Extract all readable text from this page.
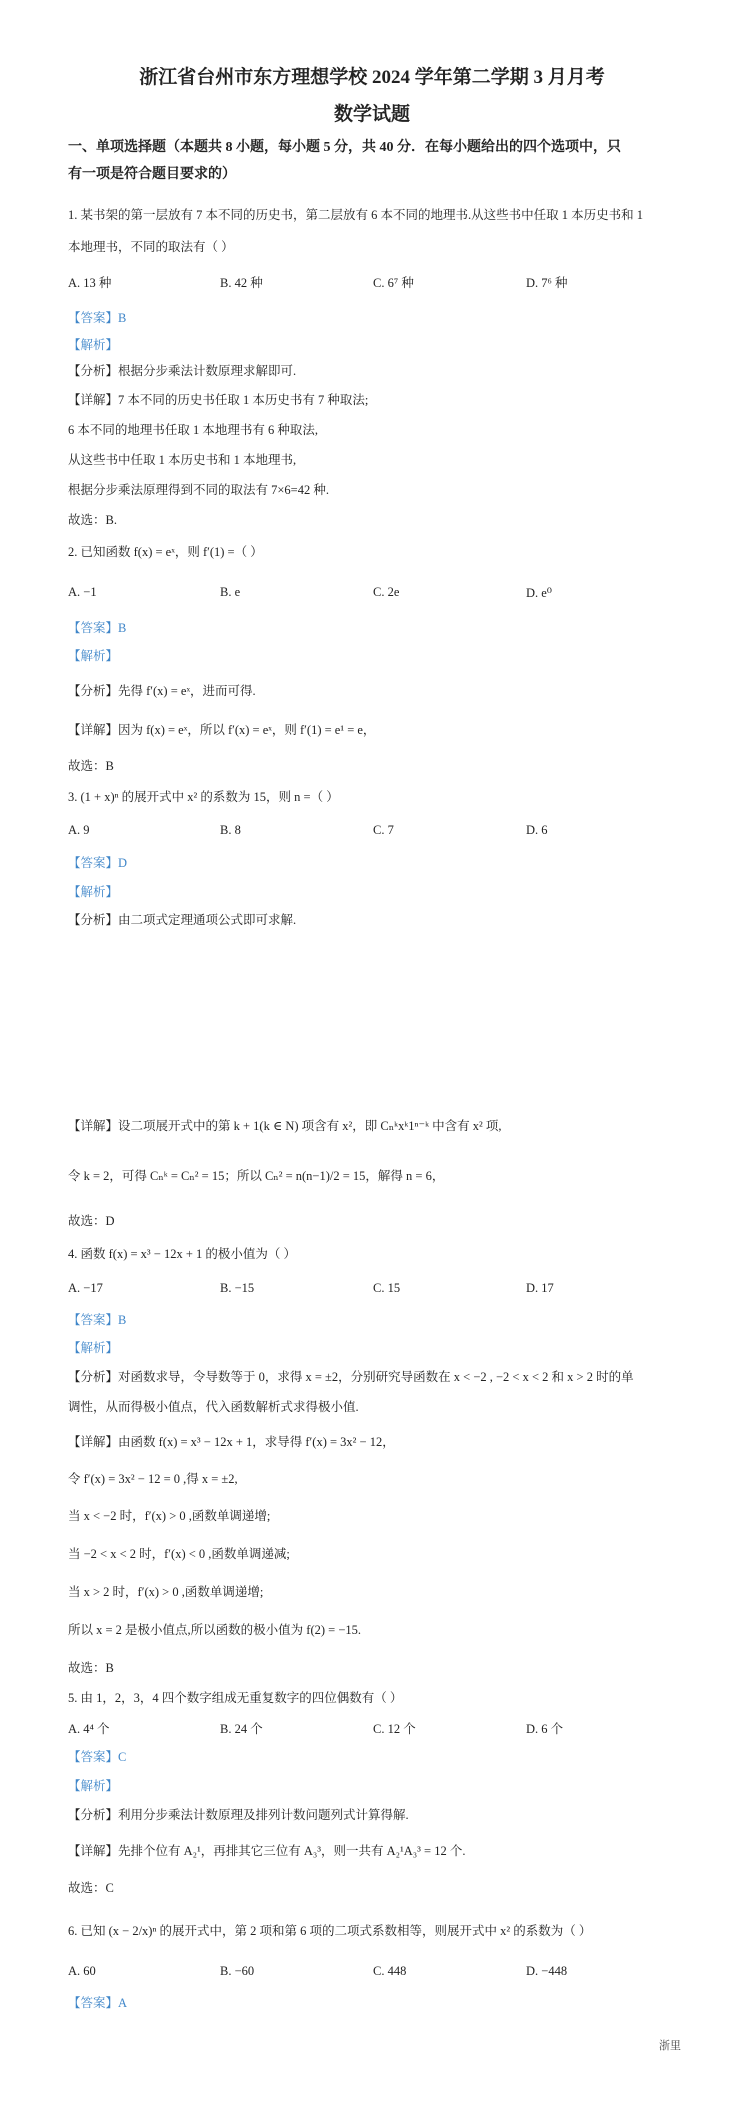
浙江省台州市东方理想学校 2024 学年第二学期 3 月月考
数学试题
一、单项选择题（本题共 8 小题，每小题 5 分，共 40 分．在每小题给出的四个选项中，只
有一项是符合题目要求的）
1. 某书架的第一层放有 7 本不同的历史书，第二层放有 6 本不同的地理书.从这些书中任取 1 本历史书和 1
本地理书，不同的取法有（ ）
A. 13 种	B. 42 种	C. 6⁷ 种	D. 7⁶ 种
【答案】B
【解析】
【分析】根据分步乘法计数原理求解即可.
【详解】7 本不同的历史书任取 1 本历史书有 7 种取法;
6 本不同的地理书任取 1 本地理书有 6 种取法,
从这些书中任取 1 本历史书和 1 本地理书,
根据分步乘法原理得到不同的取法有 7×6=42 种.
故选：B.
2. 已知函数 f(x) = eˣ，则 f′(1) =（ ）
A. −1	B. e	C. 2e	D. e⁰
【答案】B
【解析】
【分析】先得 f′(x) = eˣ，进而可得.
【详解】因为 f(x) = eˣ，所以 f′(x) = eˣ，则 f′(1) = e¹ = e，
故选：B
3. (1 + x)ⁿ 的展开式中 x² 的系数为 15，则 n =（ ）
A. 9	B. 8	C. 7	D. 6
【答案】D
【解析】
【分析】由二项式定理通项公式即可求解.
【详解】设二项展开式中的第 k + 1(k ∈ N) 项含有 x²，即 Cₙᵏxᵏ1ⁿ⁻ᵏ 中含有 x² 项,
令 k = 2，可得 Cₙᵏ = Cₙ² = 15；所以 Cₙ² = n(n−1)/2 = 15，解得 n = 6，
故选：D
4. 函数 f(x) = x³ − 12x + 1 的极小值为（ ）
A. −17	B. −15	C. 15	D. 17
【答案】B
【解析】
【分析】对函数求导，令导数等于 0，求得 x = ±2，分别研究导函数在 x < −2 , −2 < x < 2 和 x > 2 时的单
调性，从而得极小值点，代入函数解析式求得极小值.
【详解】由函数 f(x) = x³ − 12x + 1，求导得 f′(x) = 3x² − 12，
令 f′(x) = 3x² − 12 = 0 ,得 x = ±2,
当 x < −2 时，f′(x) > 0 ,函数单调递增;
当 −2 < x < 2 时，f′(x) < 0 ,函数单调递减;
当 x > 2 时，f′(x) > 0 ,函数单调递增;
所以 x = 2 是极小值点,所以函数的极小值为 f(2) = −15.
故选：B
5. 由 1，2，3，4 四个数字组成无重复数字的四位偶数有（ ）
A. 4⁴ 个	B. 24 个	C. 12 个	D. 6 个
【答案】C
【解析】
【分析】利用分步乘法计数原理及排列计数问题列式计算得解.
【详解】先排个位有 A₂¹，再排其它三位有 A₃³，则一共有 A₂¹A₃³ = 12 个.
故选：C
6. 已知 (x − 2/x)ⁿ 的展开式中，第 2 项和第 6 项的二项式系数相等，则展开式中 x² 的系数为（ ）
A. 60	B. −60	C. 448	D. −448
【答案】A
浙里
